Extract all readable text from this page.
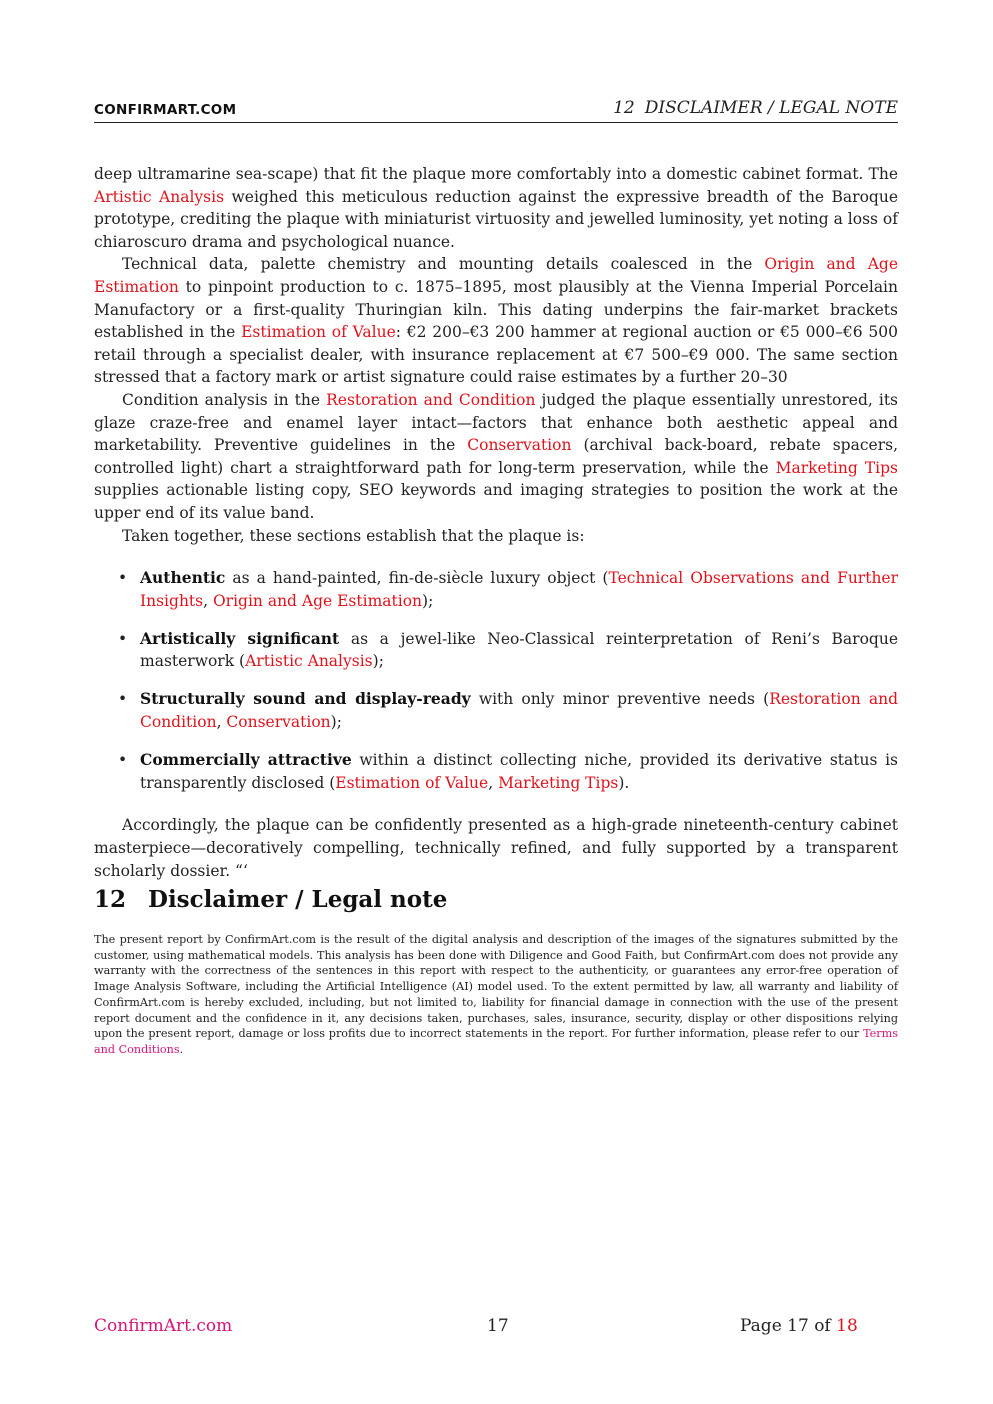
CONFIRMART.COM	12 DISCLAIMER / LEGAL NOTE

deep ultramarine sea-scape) that fit the plaque more comfortably into a domestic cabinet format. The Artistic Analysis weighed this meticulous reduction against the expressive breadth of the Baroque prototype, crediting the plaque with miniaturist virtuosity and jewelled luminosity, yet noting a loss of chiaroscuro drama and psychological nuance.

Technical data, palette chemistry and mounting details coalesced in the Origin and Age Estimation to pinpoint production to c. 1875–1895, most plausibly at the Vienna Imperial Porcelain Manufactory or a first-quality Thuringian kiln. This dating underpins the fair-market brackets established in the Estimation of Value: €2 200–€3 200 hammer at regional auction or €5 000–€6 500 retail through a specialist dealer, with insurance replacement at €7 500–€9 000. The same section stressed that a factory mark or artist signature could raise estimates by a further 20–30

Condition analysis in the Restoration and Condition judged the plaque essentially unrestored, its glaze craze-free and enamel layer intact—factors that enhance both aesthetic appeal and marketability. Preventive guidelines in the Conservation (archival back-board, rebate spacers, controlled light) chart a straightforward path for long-term preservation, while the Marketing Tips supplies actionable listing copy, SEO keywords and imaging strategies to position the work at the upper end of its value band.

Taken together, these sections establish that the plaque is:

• Authentic as a hand-painted, fin-de-siècle luxury object (Technical Observations and Further Insights, Origin and Age Estimation);
• Artistically significant as a jewel-like Neo-Classical reinterpretation of Reni’s Baroque masterwork (Artistic Analysis);
• Structurally sound and display-ready with only minor preventive needs (Restoration and Condition, Conservation);
• Commercially attractive within a distinct collecting niche, provided its derivative status is transparently disclosed (Estimation of Value, Marketing Tips).

Accordingly, the plaque can be confidently presented as a high-grade nineteenth-century cabinet masterpiece—decoratively compelling, technically refined, and fully supported by a transparent scholarly dossier. “‘

12 Disclaimer / Legal note
The present report by ConfirmArt.com is the result of the digital analysis and description of the images of the signatures submitted by the customer, using mathematical models. This analysis has been done with Diligence and Good Faith, but ConfirmArt.com does not provide any warranty with the correctness of the sentences in this report with respect to the authenticity, or guarantees any error-free operation of Image Analysis Software, including the Artificial Intelligence (AI) model used. To the extent permitted by law, all warranty and liability of ConfirmArt.com is hereby excluded, including, but not limited to, liability for financial damage in connection with the use of the present report document and the confidence in it, any decisions taken, purchases, sales, insurance, security, display or other dispositions relying upon the present report, damage or loss profits due to incorrect statements in the report. For further information, please refer to our Terms and Conditions.
ConfirmArt.com	17	Page 17 of 18
